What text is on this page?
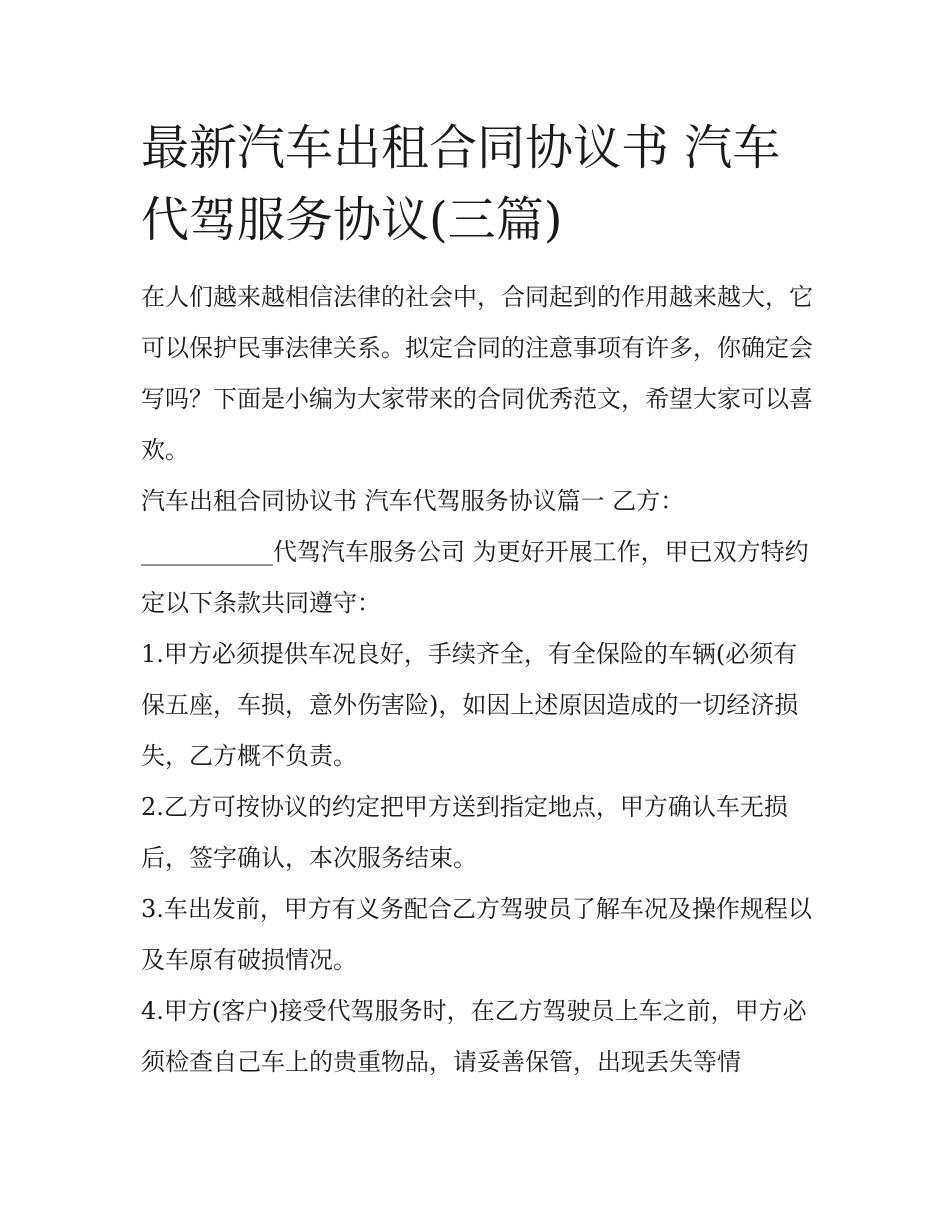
最新汽车出租合同协议书 汽车代驾服务协议(三篇)

在人们越来越相信法律的社会中，合同起到的作用越来越大，它可以保护民事法律关系。拟定合同的注意事项有许多，你确定会写吗？下面是小编为大家带来的合同优秀范文，希望大家可以喜欢。

汽车出租合同协议书 汽车代驾服务协议篇一 乙方：___________代驾汽车服务公司 为更好开展工作，甲已双方特约定以下条款共同遵守：

1.甲方必须提供车况良好，手续齐全，有全保险的车辆(必须有保五座，车损，意外伤害险)，如因上述原因造成的一切经济损失，乙方概不负责。

2.乙方可按协议的约定把甲方送到指定地点，甲方确认车无损后，签字确认，本次服务结束。

3.车出发前，甲方有义务配合乙方驾驶员了解车况及操作规程以及车原有破损情况。

4.甲方(客户)接受代驾服务时，在乙方驾驶员上车之前，甲方必须检查自己车上的贵重物品，请妥善保管，出现丢失等情
